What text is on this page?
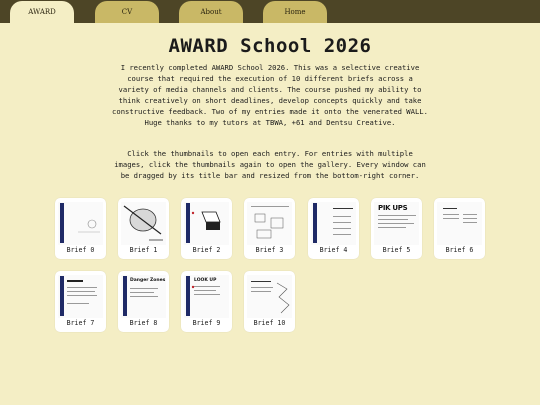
AWARD	CV	About	Home
AWARD School 2026
I recently completed AWARD School 2026. This was a selective creative course that required the execution of 10 different briefs across a variety of media channels and clients. The course pushed my ability to think creatively on short deadlines, develop concepts quickly and take constructive feedback. Two of my entries made it onto the venerated WALL. Huge thanks to my tutors at TBWA, +61 and Dentsu Creative.
Click the thumbnails to open each entry. For entries with multiple images, click the thumbnails again to open the gallery. Every window can be dragged by its title bar and resized from the bottom-right corner.
Brief 0	Brief 1	Brief 2	Brief 3	Brief 4
PIK UPS
Brief 5	Brief 6
Brief 7
Danger Zones
Brief 8
LOOK UP
Brief 9	Brief 10
